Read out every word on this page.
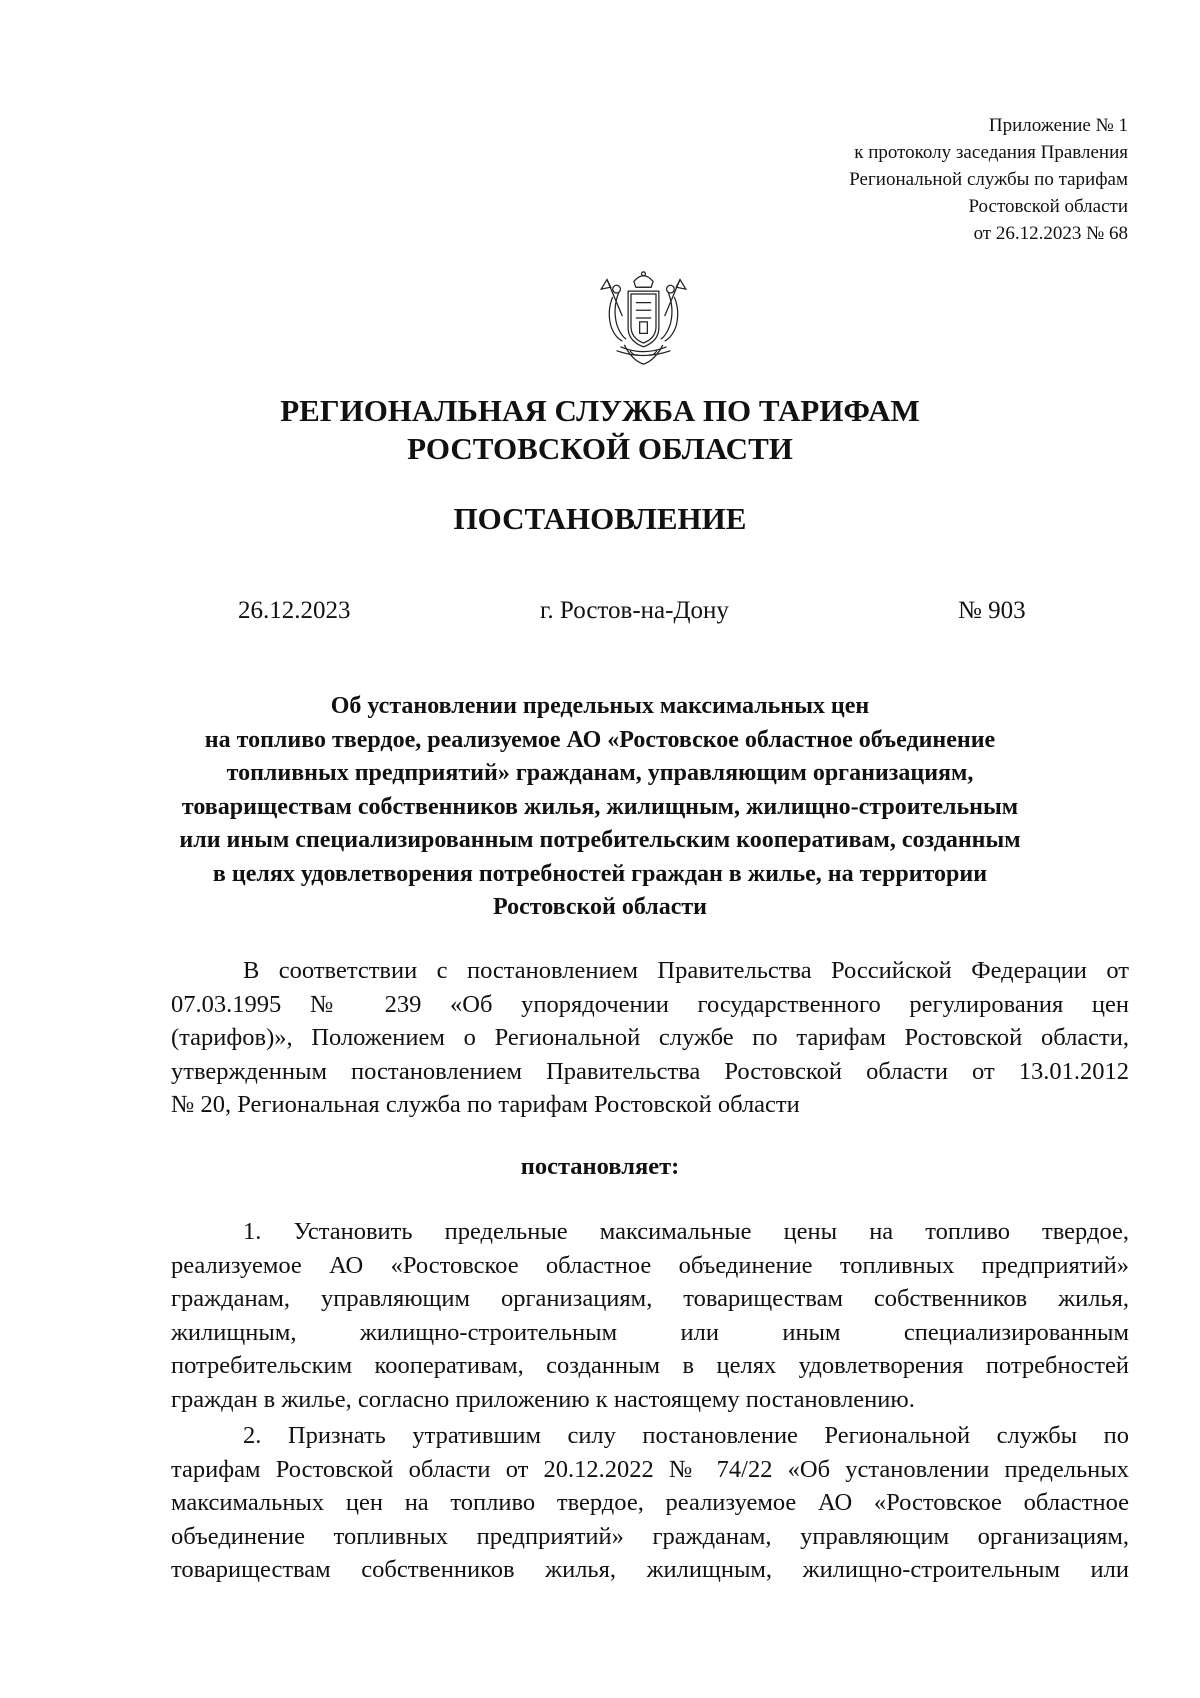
Приложение № 1
к протоколу заседания Правления
Региональной службы по тарифам
Ростовской области
от 26.12.2023 № 68
РЕГИОНАЛЬНАЯ СЛУЖБА ПО ТАРИФАМ
РОСТОВСКОЙ ОБЛАСТИ
ПОСТАНОВЛЕНИЕ
26.12.2023	г. Ростов-на-Дону	№ 903
Об установлении предельных максимальных цен
на топливо твердое, реализуемое АО «Ростовское областное объединение
топливных предприятий» гражданам, управляющим организациям,
товариществам собственников жилья, жилищным, жилищно-строительным
или иным специализированным потребительским кооперативам, созданным
в целях удовлетворения потребностей граждан в жилье, на территории
Ростовской области
В соответствии с постановлением Правительства Российской Федерации от
07.03.1995 № 239 «Об упорядочении государственного регулирования цен
(тарифов)», Положением о Региональной службе по тарифам Ростовской области,
утвержденным постановлением Правительства Ростовской области от 13.01.2012
№ 20, Региональная служба по тарифам Ростовской области
постановляет:
1. Установить предельные максимальные цены на топливо твердое,
реализуемое АО «Ростовское областное объединение топливных предприятий»
гражданам, управляющим организациям, товариществам собственников жилья,
жилищным, жилищно-строительным или иным специализированным
потребительским кооперативам, созданным в целях удовлетворения потребностей
граждан в жилье, согласно приложению к настоящему постановлению.
2. Признать утратившим силу постановление Региональной службы по
тарифам Ростовской области от 20.12.2022 № 74/22 «Об установлении предельных
максимальных цен на топливо твердое, реализуемое АО «Ростовское областное
объединение топливных предприятий» гражданам, управляющим организациям,
товариществам собственников жилья, жилищным, жилищно-строительным или
